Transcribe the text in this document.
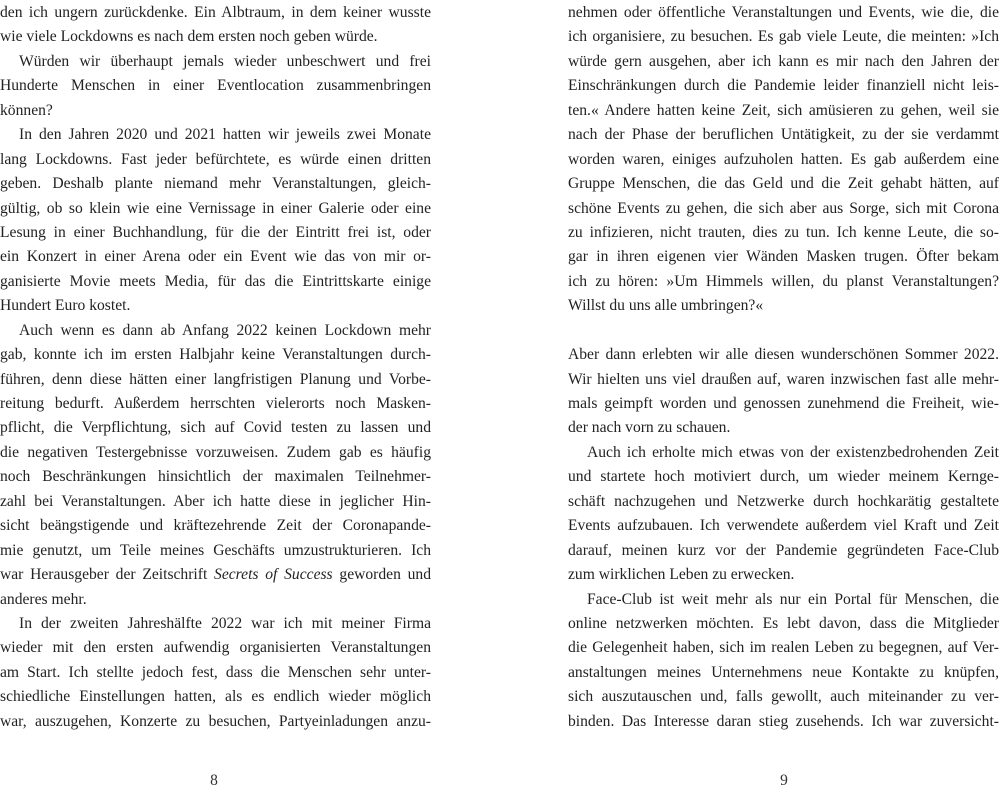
den ich ungern zurückdenke. Ein Albtraum, in dem keiner wusste
wie viele Lockdowns es nach dem ersten noch geben würde.
Würden wir überhaupt jemals wieder unbeschwert und frei
Hunderte Menschen in einer Eventlocation zusammenbringen
können?
In den Jahren 2020 und 2021 hatten wir jeweils zwei Monate
lang Lockdowns. Fast jeder befürchtete, es würde einen dritten
geben. Deshalb plante niemand mehr Veranstaltungen, gleich-
gültig, ob so klein wie eine Vernissage in einer Galerie oder eine
Lesung in einer Buchhandlung, für die der Eintritt frei ist, oder
ein Konzert in einer Arena oder ein Event wie das von mir or-
ganisierte Movie meets Media, für das die Eintrittskarte einige
Hundert Euro kostet.
Auch wenn es dann ab Anfang 2022 keinen Lockdown mehr
gab, konnte ich im ersten Halbjahr keine Veranstaltungen durch-
führen, denn diese hätten einer langfristigen Planung und Vorbe-
reitung bedurft. Außerdem herrschten vielerorts noch Masken-
pflicht, die Verpflichtung, sich auf Covid testen zu lassen und
die negativen Testergebnisse vorzuweisen. Zudem gab es häufig
noch Beschränkungen hinsichtlich der maximalen Teilnehmer-
zahl bei Veranstaltungen. Aber ich hatte diese in jeglicher Hin-
sicht beängstigende und kräftezehrende Zeit der Coronapande-
mie genutzt, um Teile meines Geschäfts umzustrukturieren. Ich
war Herausgeber der Zeitschrift Secrets of Success geworden und
anderes mehr.
In der zweiten Jahreshälfte 2022 war ich mit meiner Firma
wieder mit den ersten aufwendig organisierten Veranstaltungen
am Start. Ich stellte jedoch fest, dass die Menschen sehr unter-
schiedliche Einstellungen hatten, als es endlich wieder möglich
war, auszugehen, Konzerte zu besuchen, Partyeinladungen anzu-
8
nehmen oder öffentliche Veranstaltungen und Events, wie die, die
ich organisiere, zu besuchen. Es gab viele Leute, die meinten: »Ich
würde gern ausgehen, aber ich kann es mir nach den Jahren der
Einschränkungen durch die Pandemie leider finanziell nicht leis-
ten.« Andere hatten keine Zeit, sich amüsieren zu gehen, weil sie
nach der Phase der beruflichen Untätigkeit, zu der sie verdammt
worden waren, einiges aufzuholen hatten. Es gab außerdem eine
Gruppe Menschen, die das Geld und die Zeit gehabt hätten, auf
schöne Events zu gehen, die sich aber aus Sorge, sich mit Corona
zu infizieren, nicht trauten, dies zu tun. Ich kenne Leute, die so-
gar in ihren eigenen vier Wänden Masken trugen. Öfter bekam
ich zu hören: »Um Himmels willen, du planst Veranstaltungen?
Willst du uns alle umbringen?«

Aber dann erlebten wir alle diesen wunderschönen Sommer 2022.
Wir hielten uns viel draußen auf, waren inzwischen fast alle mehr-
mals geimpft worden und genossen zunehmend die Freiheit, wie-
der nach vorn zu schauen.
Auch ich erholte mich etwas von der existenzbedrohenden Zeit
und startete hoch motiviert durch, um wieder meinem Kernge-
schäft nachzugehen und Netzwerke durch hochkarätig gestaltete
Events aufzubauen. Ich verwendete außerdem viel Kraft und Zeit
darauf, meinen kurz vor der Pandemie gegründeten Face-Club
zum wirklichen Leben zu erwecken.
Face-Club ist weit mehr als nur ein Portal für Menschen, die
online netzwerken möchten. Es lebt davon, dass die Mitglieder
die Gelegenheit haben, sich im realen Leben zu begegnen, auf Ver-
anstaltungen meines Unternehmens neue Kontakte zu knüpfen,
sich auszutauschen und, falls gewollt, auch miteinander zu ver-
binden. Das Interesse daran stieg zusehends. Ich war zuversicht-
9
